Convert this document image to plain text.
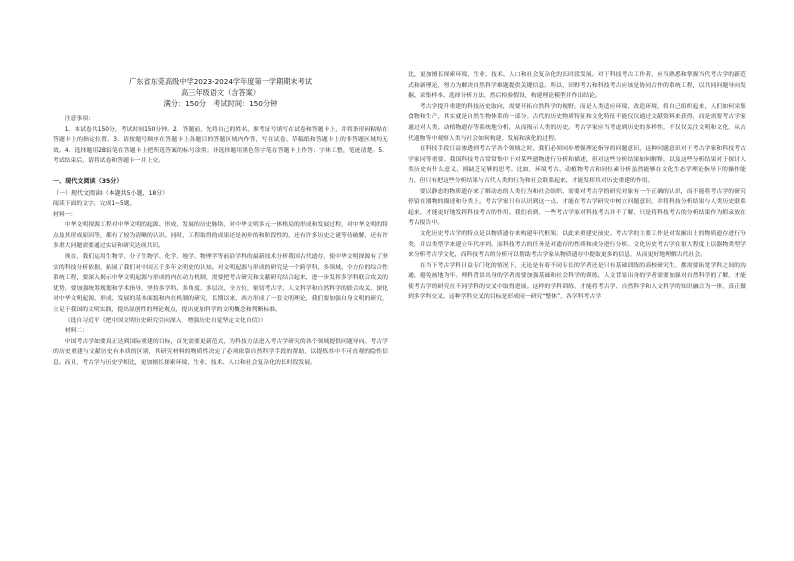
广东省东莞高级中学2023-2024学年度第一学期期末考试
高三年级语文（含答案）
满分：150分　考试时间：150分钟
注意事项：

1．本试卷共150分，考试时间150分钟。2．答题前，先将自己的姓名、准考证号填写在试卷和答题卡上，并将条形码粘贴在答题卡上的指定位置。3．请按题号顺序在答题卡上各题目的答题区域内作答，写在试卷、草稿纸和答题卡上的非答题区域均无效。4．选择题用2B铅笔在答题卡上把所选答案的标号涂黑；非选择题用黑色签字笔在答题卡上作答；字体工整，笔迹清楚。5．考试结束后，请将试卷和答题卡一并上交。

一、现代文阅读（35分）
（一）现代文阅读Ⅰ（本题共5小题，18分）
阅读下面的文字，完成1~5题。
材料一：

中华文明探源工程对中华文明的起源、形成、发展的历史脉络，对中华文明多元一体格局的形成和发展过程，对中华文明的特点及其形成原因等，都有了较为清晰的认识。同时，工程取得的成果还是初步的和阶段性的，还有许多历史之谜等待破解，还有许多重大问题需要通过实证和研究达成共识。

现在，我们运用生物学、分子生物学、化学、地学、物理学等前沿学科的最新技术分析我国古代遗存，使中华文明探源有了坚实的科技分析依据，拓展了我们对中国五千多年文明史的认知。对文明起源与形成的研究是一个跨学科、多领域、全方位的综合性系统工程，要深入揭示中华文明起源与形成的内在动力机制，需要把考古研究和文献研究结合起来，进一步发挥多学科联合攻关的优势。要加强统筹规划和学术指导，坚持多学科、多角度、多层次、全方位，密切考古学、人文科学和自然科学的联合攻关，深化对中华文明起源、形成、发展的基本面貌和内在机制的研究，长期以来，西方形成了一套文明理论，我们要加强自身文明的研究，立足于我国的文明实践，提出原创性的理论观点，提出更加科学的文明概念和判断标准。

（选自习近平《把中国文明历史研究引向深入　增强历史自觉坚定文化自信》）
材料二：

中国考古学如要真正达到国际重建的目标，首先需要更新范式，为科技方法进入考古学研究的各个领域提供问题导向。考古学的历史重建与文献历史有本质的区别，其研究材料的物质性决定了必须依靠自然科学手段的帮助，以提炼其中不可直观的隐性信息。而且，考古学与历史学相比，更加擅长探索环境、生业、技术、人口和社会复杂化的长时段发展。

比，更加擅长探索环境、生业、技术、人口和社会复杂化的长时段发展。对于科技考古工作者，应当熟悉和掌握当代考古学的新范式和新理论，努力为解决自然科学难题提供关键信息。所以，田野考古和科技考古应该是协同合作的系统工程，以共同问题导向发掘、采集样本、选择分析方法，然后检验假设，构建理论模型并作出结论。

考古学提升重建的科技历史取向，需要开拓自然科学的视野，而是人类适应环境、改造环境，将自己组织起来，人们如何采集食物和生产，其实就是自然生物体系的一部分。古代的历史物质特征和文化特征不能仅仅通过文献资料来获得，而是需要考古学家通过对人类、动植物遗存等系统地分析，从而揭示人类的历史。考古学家应当考虑到历史的多样性，不仅仅关注文明和文化，从古代遗物等中观察人类与社会如何构建、发展和演化的过程。

在科技手段日益渗透到考古学各个领域之时，我们必须同步增强理论指导的问题意识，这种问题意识对于考古学家和科技考古学家同等重要。我国科技考古常常集中于对某些遗物进行分析和描述，但对这些分析结果如何解释，以及这些分析结果对于探讨人类历史有什么意义，则缺乏足够的思考。比如，环境考古、动植物考古和同位素分析虽然能够在文化生态学理论指导下的操作能力，但只有把这些分析结果与古代人类的行为和社会联系起来，才能发挥其对历史重建的作用。

要以静态的物质遗存来了解动态的人类行为和社会组织，需要对考古学的研究对象有一个正确的认识，而不能将考古学的研究停留在器物的描述和分类上。考古学家只有认识到这一点，才能在考古学研究中树立问题意识，并将科技分析结果与人类历史联系起来，才能更好地发挥科技考古的作用。我们看到，一些考古学家对科技考古并不了解，只是将科技考古的分析结果作为附录放在考古报告中。

文化历史考古学的特点是以物质遗存来构建年代框架，以此来重建史前史。考古学的主要工作是对发掘出土的物质遗存进行分类，并以类型学来建立年代序列。而科技考古的任务是对遗存的性质和成分进行分析。文化历史考古学在很大程度上以器物类型学来分析考古学文化，而科技考古的分析可以帮助考古学家从物质遗存中提取更多的信息，从而更好地理解古代社会。

在当下考古学科日益专门化的情况下，无论是有着不同专长的学者还是只有基础训练的高校研究生，都需要拓宽学科之间的沟通，避免画地为牢。理科背景出身的学者需要加强基础和社会科学的训练，人文背景出身的学者需要加强对自然科学的了解，才能使考古学的研究在不同学科的交叉中取得进展。这样的学科训练，才能将考古学、自然科学和人文科学的知识融合为一体，真正做到多学科交叉。这种学科交叉的目标是形成同一研究“整体”，各学科考古学
